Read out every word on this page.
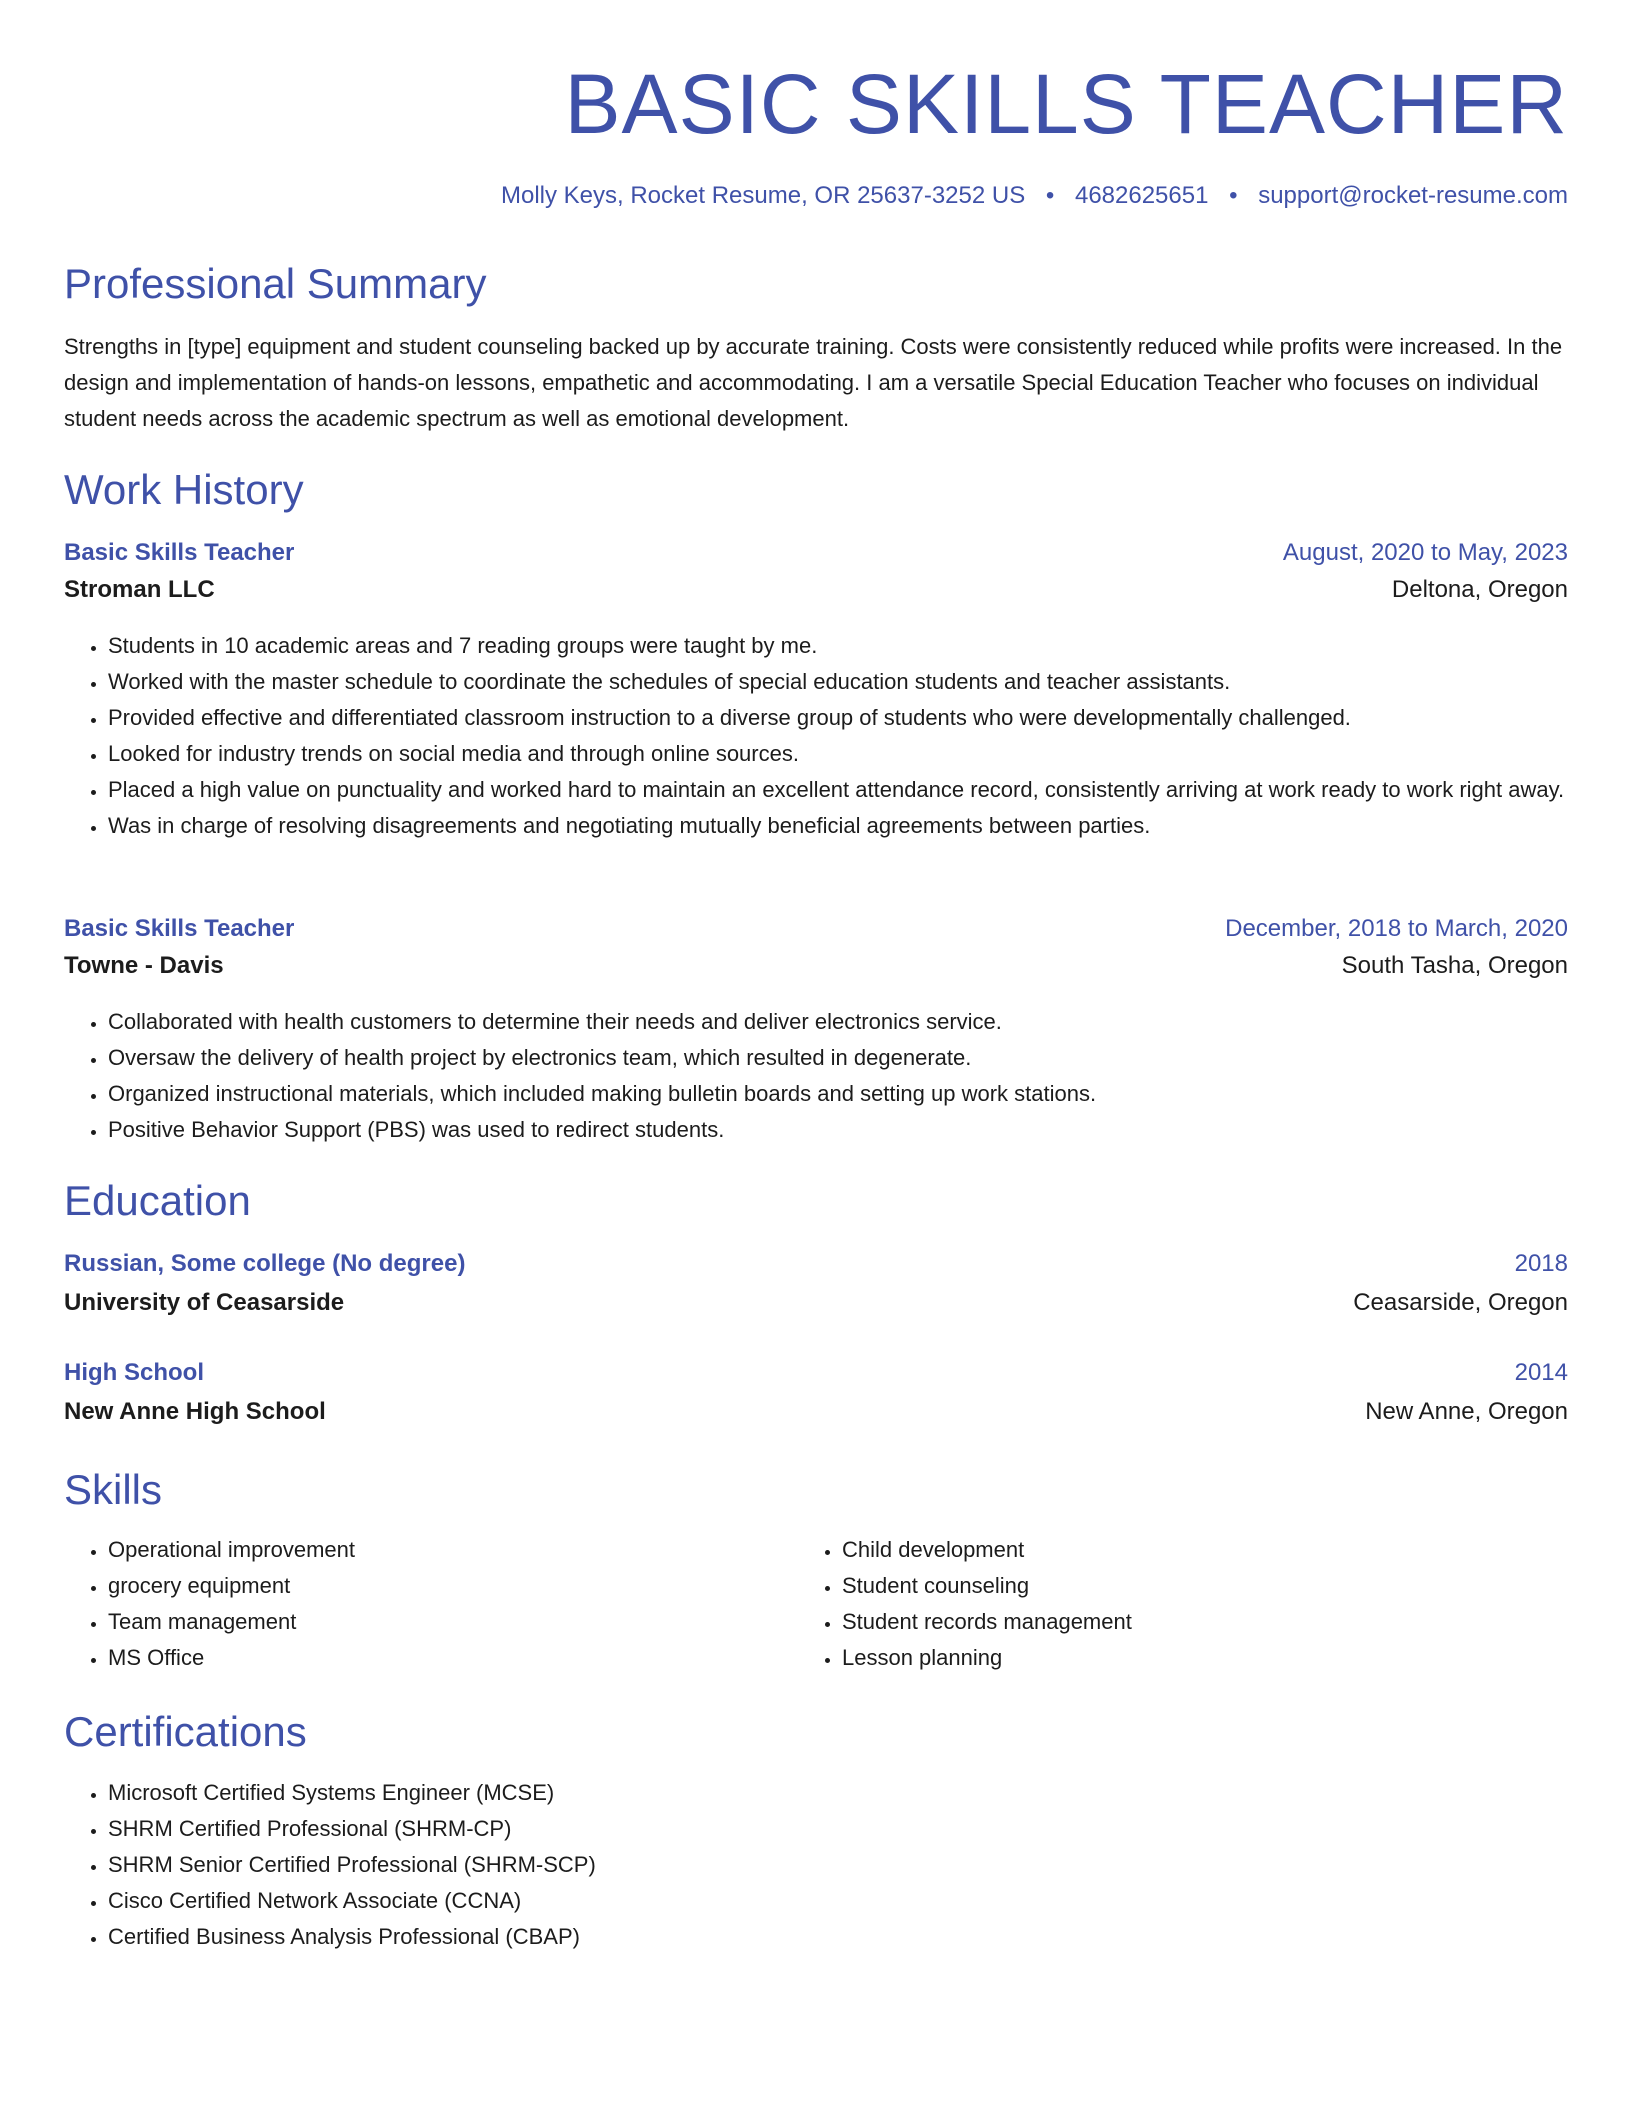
BASIC SKILLS TEACHER
Molly Keys, Rocket Resume, OR 25637-3252 US • 4682625651 • support@rocket-resume.com
Professional Summary

Strengths in [type] equipment and student counseling backed up by accurate training. Costs were consistently reduced while profits were increased. In the design and implementation of hands-on lessons, empathetic and accommodating. I am a versatile Special Education Teacher who focuses on individual student needs across the academic spectrum as well as emotional development.

Work History
Basic Skills Teacher	August, 2020 to May, 2023
Stroman LLC	Deltona, Oregon
• Students in 10 academic areas and 7 reading groups were taught by me.
• Worked with the master schedule to coordinate the schedules of special education students and teacher assistants.
• Provided effective and differentiated classroom instruction to a diverse group of students who were developmentally challenged.
• Looked for industry trends on social media and through online sources.
• Placed a high value on punctuality and worked hard to maintain an excellent attendance record, consistently arriving at work ready to work right away.
• Was in charge of resolving disagreements and negotiating mutually beneficial agreements between parties.
Basic Skills Teacher	December, 2018 to March, 2020
Towne - Davis	South Tasha, Oregon
• Collaborated with health customers to determine their needs and deliver electronics service.
• Oversaw the delivery of health project by electronics team, which resulted in degenerate.
• Organized instructional materials, which included making bulletin boards and setting up work stations.
• Positive Behavior Support (PBS) was used to redirect students.
Education
Russian, Some college (No degree)	2018
University of Ceasarside	Ceasarside, Oregon
High School	2014
New Anne High School	New Anne, Oregon
Skills
• Operational improvement
• grocery equipment
• Team management
• MS Office
• Child development
• Student counseling
• Student records management
• Lesson planning
Certifications
• Microsoft Certified Systems Engineer (MCSE)
• SHRM Certified Professional (SHRM-CP)
• SHRM Senior Certified Professional (SHRM-SCP)
• Cisco Certified Network Associate (CCNA)
• Certified Business Analysis Professional (CBAP)
